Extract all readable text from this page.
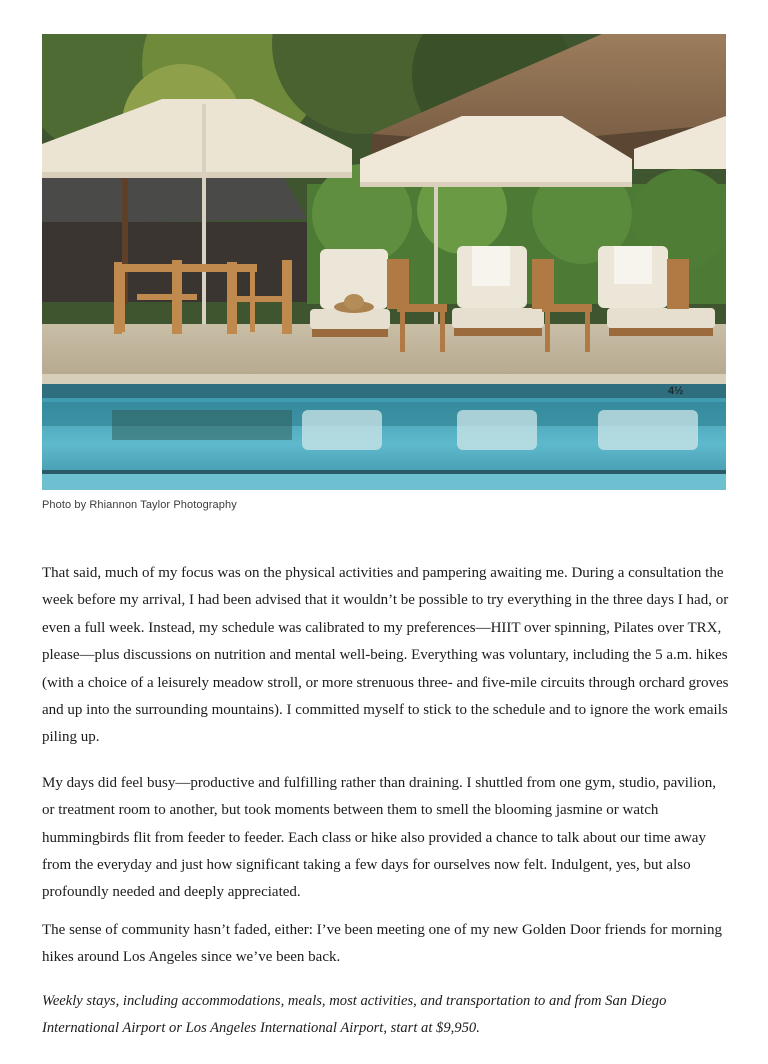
4½
Photo by Rhiannon Taylor Photography

That said, much of my focus was on the physical activities and pampering awaiting me. During a consultation the week before my arrival, I had been advised that it wouldn’t be possible to try everything in the three days I had, or even a full week. Instead, my schedule was calibrated to my preferences—HIIT over spinning, Pilates over TRX, please—plus discussions on nutrition and mental well-being. Everything was voluntary, including the 5 a.m. hikes (with a choice of a leisurely meadow stroll, or more strenuous three- and five-mile circuits through orchard groves and up into the surrounding mountains). I committed myself to stick to the schedule and to ignore the work emails piling up.

My days did feel busy—productive and fulfilling rather than draining. I shuttled from one gym, studio, pavilion, or treatment room to another, but took moments between them to smell the blooming jasmine or watch hummingbirds flit from feeder to feeder. Each class or hike also provided a chance to talk about our time away from the everyday and just how significant taking a few days for ourselves now felt. Indulgent, yes, but also profoundly needed and deeply appreciated.

The sense of community hasn’t faded, either: I’ve been meeting one of my new Golden Door friends for morning hikes around Los Angeles since we’ve been back.

Weekly stays, including accommodations, meals, most activities, and transportation to and from San Diego International Airport or Los Angeles International Airport, start at $9,950.
